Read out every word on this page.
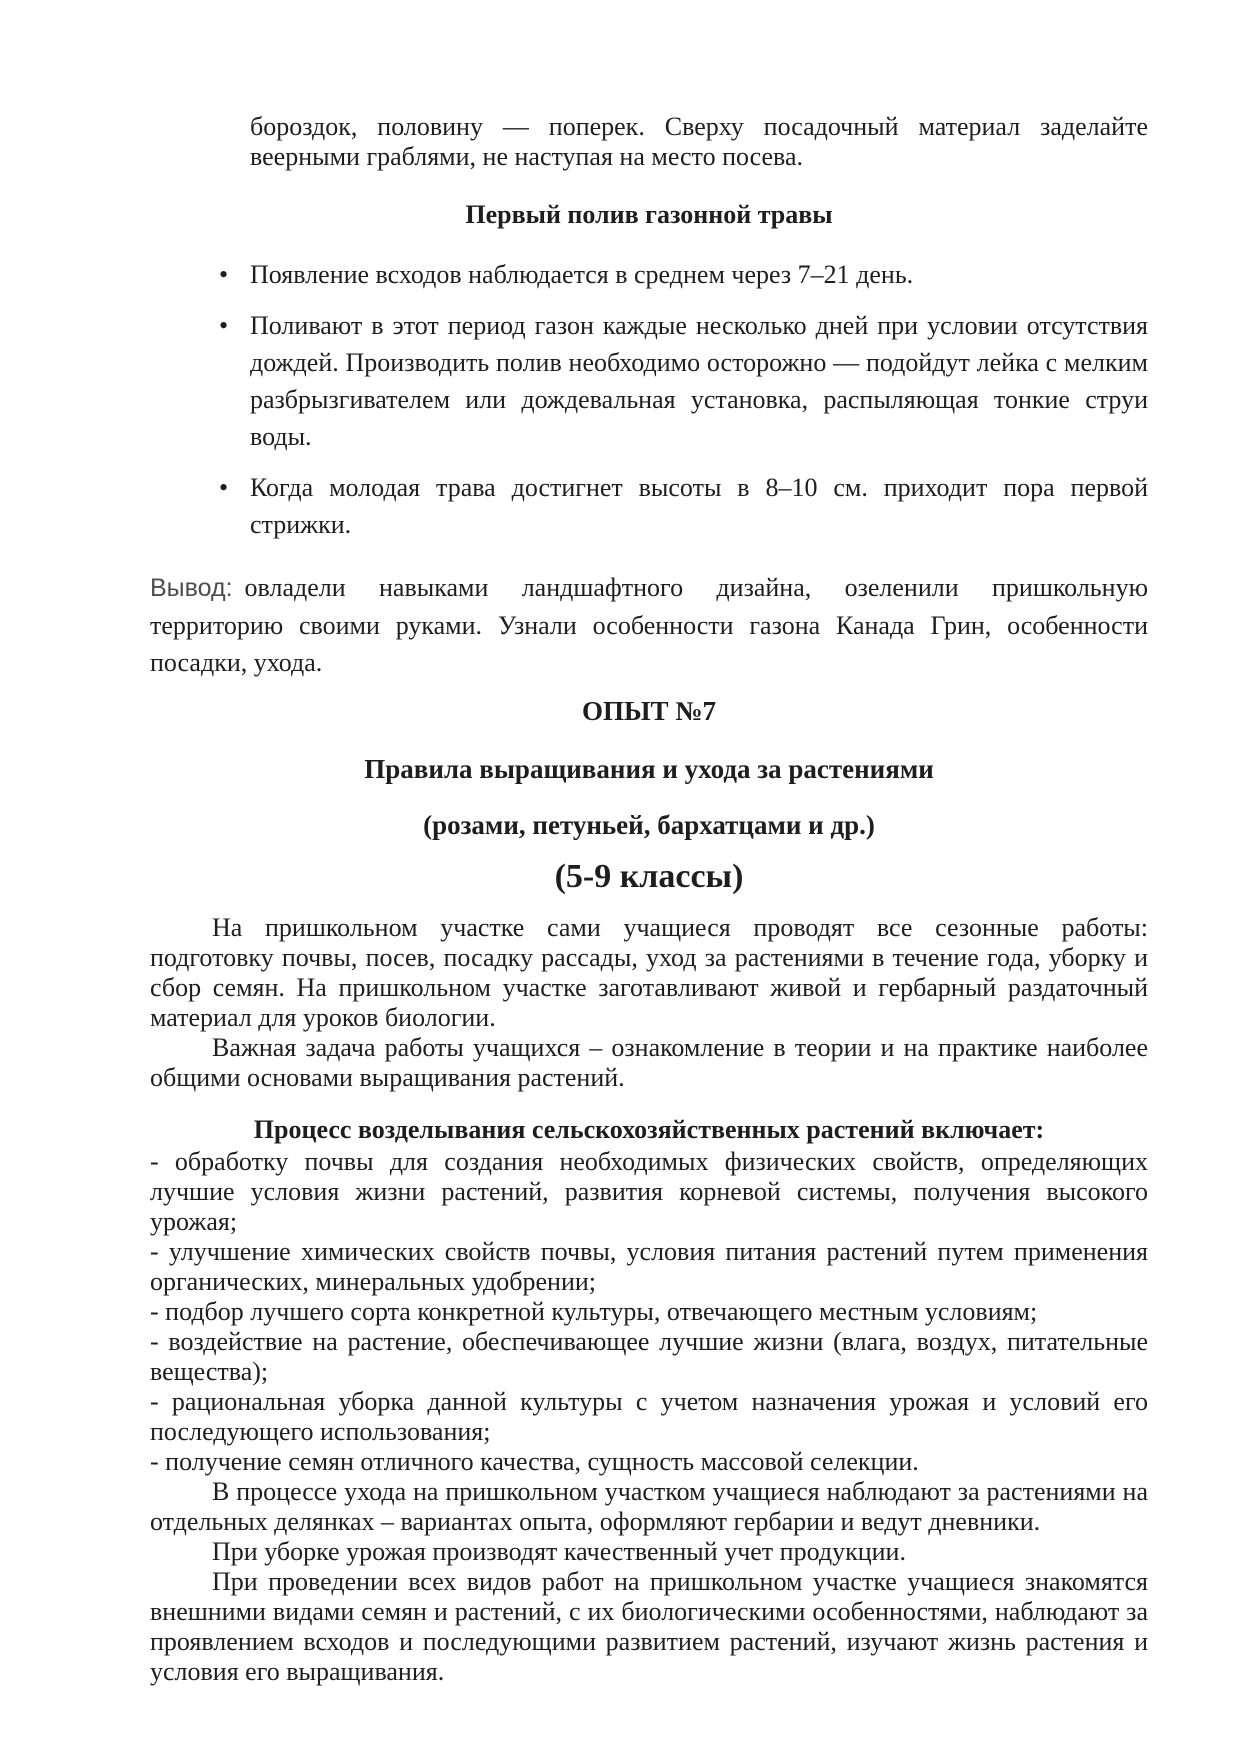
бороздок, половину — поперек. Сверху посадочный материал заделайте веерными граблями, не наступая на место посева.

Первый полив газонной травы
• Появление всходов наблюдается в среднем через 7–21 день.
• Поливают в этот период газон каждые несколько дней при условии отсутствия дождей. Производить полив необходимо осторожно — подойдут лейка с мелким разбрызгивателем или дождевальная установка, распыляющая тонкие струи воды.
• Когда молодая трава достигнет высоты в 8–10 см. приходит пора первой стрижки.

Вывод: овладели навыками ландшафтного дизайна, озеленили пришкольную территорию своими руками. Узнали особенности газона Канада Грин, особенности посадки, ухода.

ОПЫТ №7
Правила выращивания и ухода за растениями
(розами, петуньей, бархатцами и др.)
(5-9 классы)

На пришкольном участке сами учащиеся проводят все сезонные работы: подготовку почвы, посев, посадку рассады, уход за растениями в течение года, уборку и сбор семян. На пришкольном участке заготавливают живой и гербарный раздаточный материал для уроков биологии.

Важная задача работы учащихся – ознакомление в теории и на практике наиболее общими основами выращивания растений.

Процесс возделывания сельскохозяйственных растений включает:

- обработку почвы для создания необходимых физических свойств, определяющих лучшие условия жизни растений, развития корневой системы, получения высокого урожая;

- улучшение химических свойств почвы, условия питания растений путем применения органических, минеральных удобрении;

- подбор лучшего сорта конкретной культуры, отвечающего местным условиям;

- воздействие на растение, обеспечивающее лучшие жизни (влага, воздух, питательные вещества);

- рациональная уборка данной культуры с учетом назначения урожая и условий его последующего использования;

- получение семян отличного качества, сущность массовой селекции.

В процессе ухода на пришкольном участком учащиеся наблюдают за растениями на отдельных делянках – вариантах опыта, оформляют гербарии и ведут дневники.

При уборке урожая производят качественный учет продукции.

При проведении всех видов работ на пришкольном участке учащиеся знакомятся внешними видами семян и растений, с их биологическими особенностями, наблюдают за проявлением всходов и последующими развитием растений, изучают жизнь растения и условия его выращивания.
